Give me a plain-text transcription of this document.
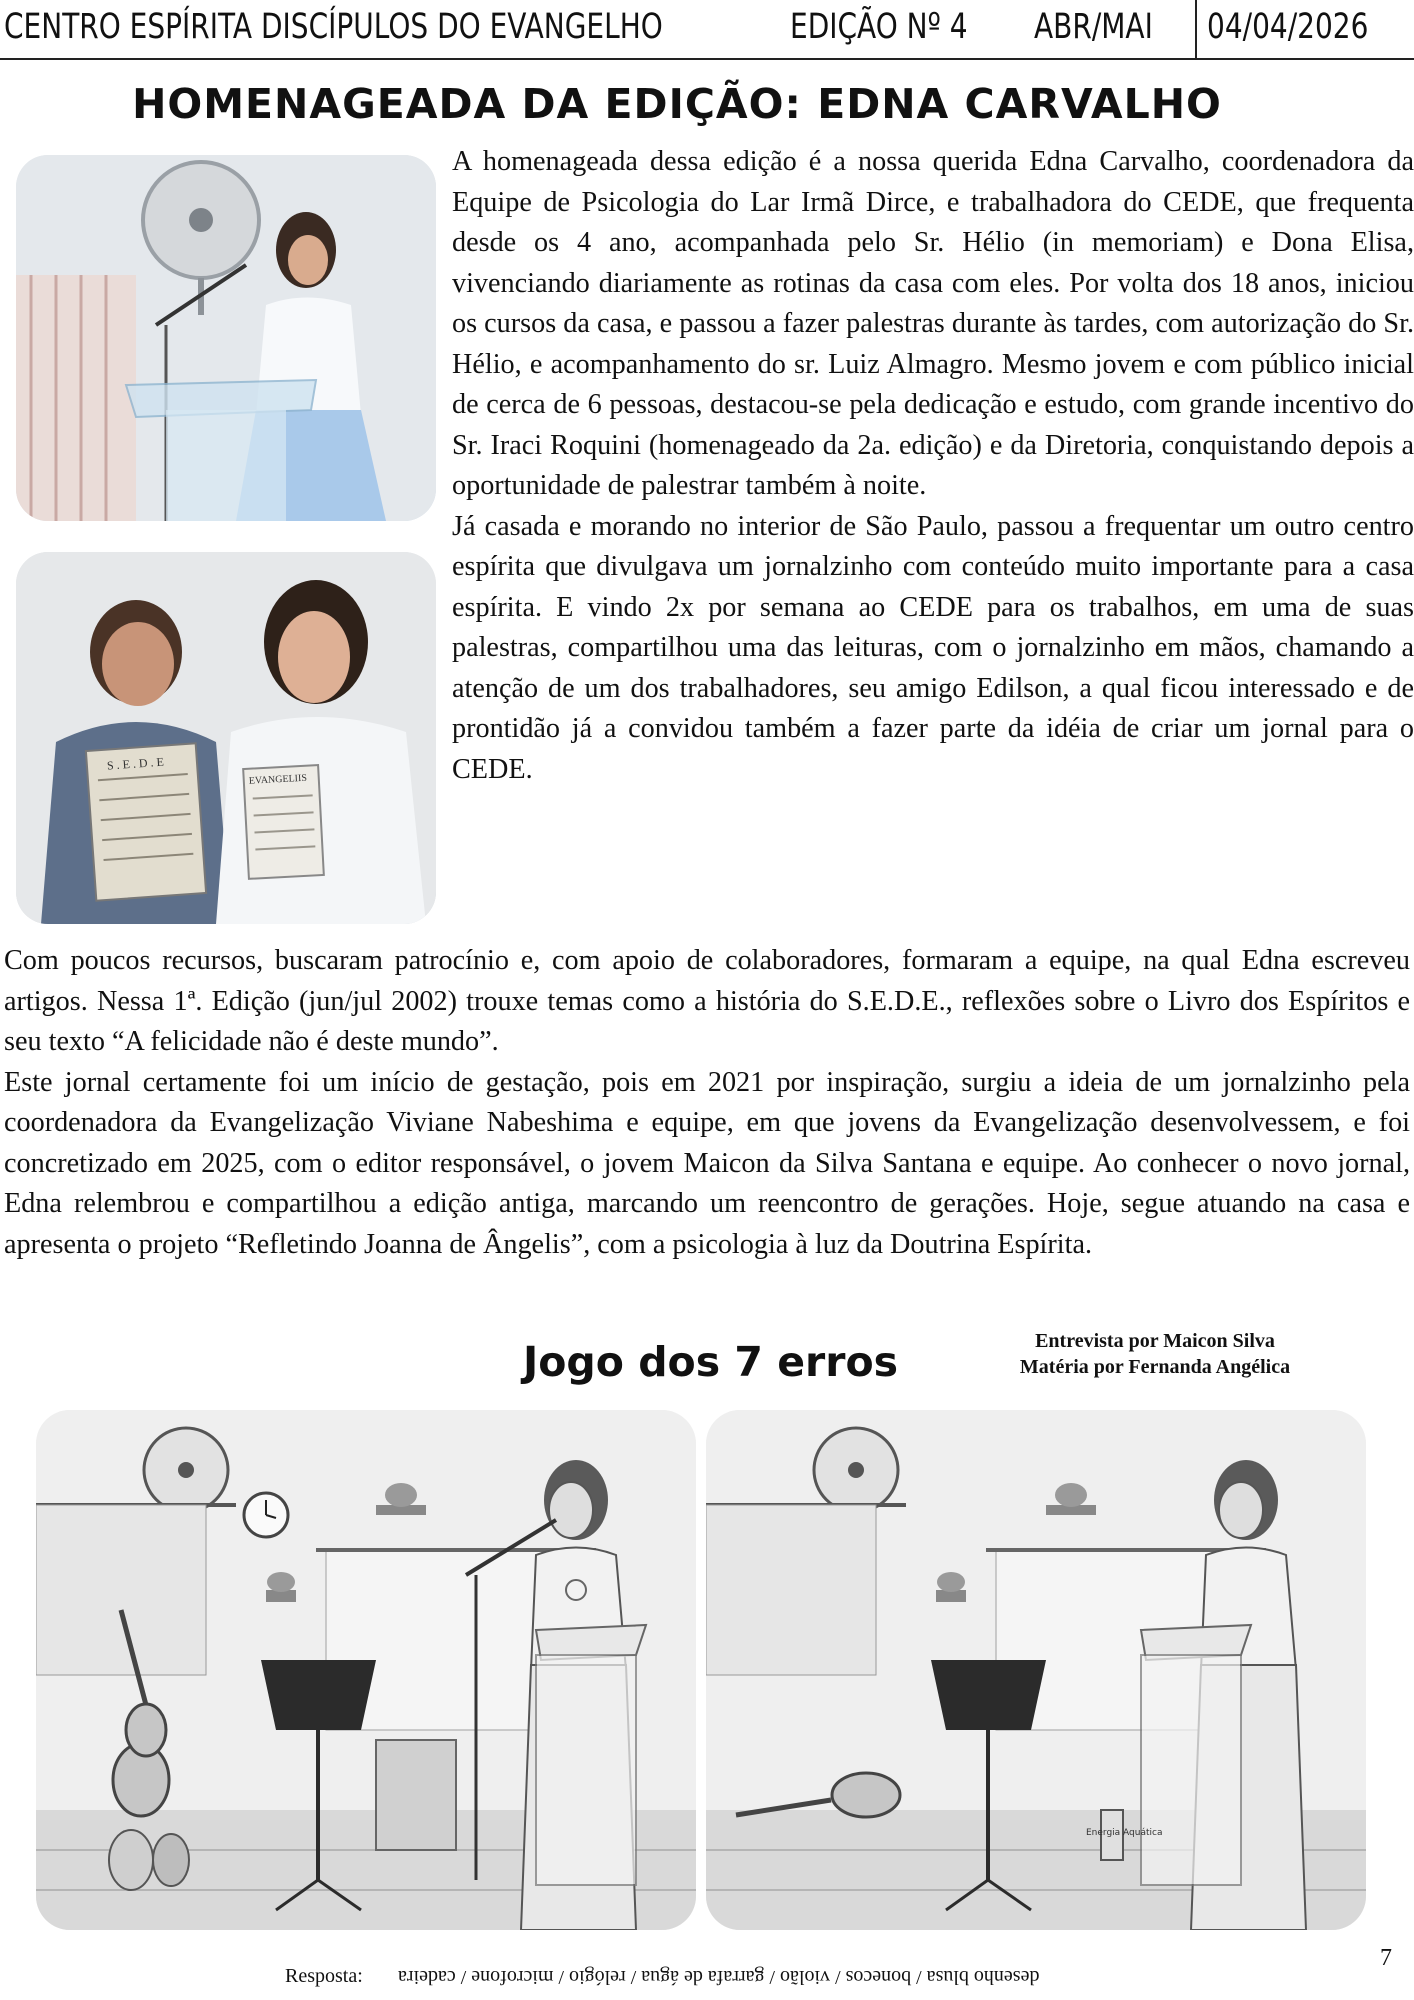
CENTRO ESPÍRITA DISCÍPULOS DO EVANGELHO	EDIÇÃO Nº 4 ABR/MAI 04/04/2026
HOMENAGEADA DA EDIÇÃO: EDNA CARVALHO
S . E . D . E
EVANGELIIS

A homenageada dessa edição é a nossa querida Edna Carvalho, coordenadora da Equipe de Psicologia do Lar Irmã Dirce, e trabalhadora do CEDE, que frequenta desde os 4 ano, acompanhada pelo Sr. Hélio (in memoriam) e Dona Elisa, vivenciando diariamente as rotinas da casa com eles. Por volta dos 18 anos, iniciou os cursos da casa, e passou a fazer palestras durante às tardes, com autorização do Sr. Hélio, e acompanhamento do sr. Luiz Almagro. Mesmo jovem e com público inicial de cerca de 6 pessoas, destacou-se pela dedicação e estudo, com grande incentivo do Sr. Iraci Roquini (homenageado da 2a. edição) e da Diretoria, conquistando depois a oportunidade de palestrar também à noite.

Já casada e morando no interior de São Paulo, passou a frequentar um outro centro espírita que divulgava um jornalzinho com conteúdo muito importante para a casa espírita. E vindo 2x por semana ao CEDE para os trabalhos, em uma de suas palestras, compartilhou uma das leituras, com o jornalzinho em mãos, chamando a atenção de um dos trabalhadores, seu amigo Edilson, a qual ficou interessado e de prontidão já a convidou também a fazer parte da idéia de criar um jornal para o CEDE.

Com poucos recursos, buscaram patrocínio e, com apoio de colaboradores, formaram a equipe, na qual Edna escreveu artigos. Nessa 1ª. Edição (jun/jul 2002) trouxe temas como a história do S.E.D.E., reflexões sobre o Livro dos Espíritos e seu texto “A felicidade não é deste mundo”.

Este jornal certamente foi um início de gestação, pois em 2021 por inspiração, surgiu a ideia de um jornalzinho pela coordenadora da Evangelização Viviane Nabeshima e equipe, em que jovens da Evangelização desenvolvessem, e foi concretizado em 2025, com o editor responsável, o jovem Maicon da Silva Santana e equipe. Ao conhecer o novo jornal, Edna relembrou e compartilhou a edição antiga, marcando um reencontro de gerações. Hoje, segue atuando na casa e apresenta o projeto “Refletindo Joanna de Ângelis”, com a psicologia à luz da Doutrina Espírita.

Jogo dos 7 erros	Entrevista por Maicon Silva
Matéria por Fernanda Angélica
Energia Aquática
Resposta: desenho blusa / bonecos / violão / garrafa de água / relógio / microfone / cadeira
7
